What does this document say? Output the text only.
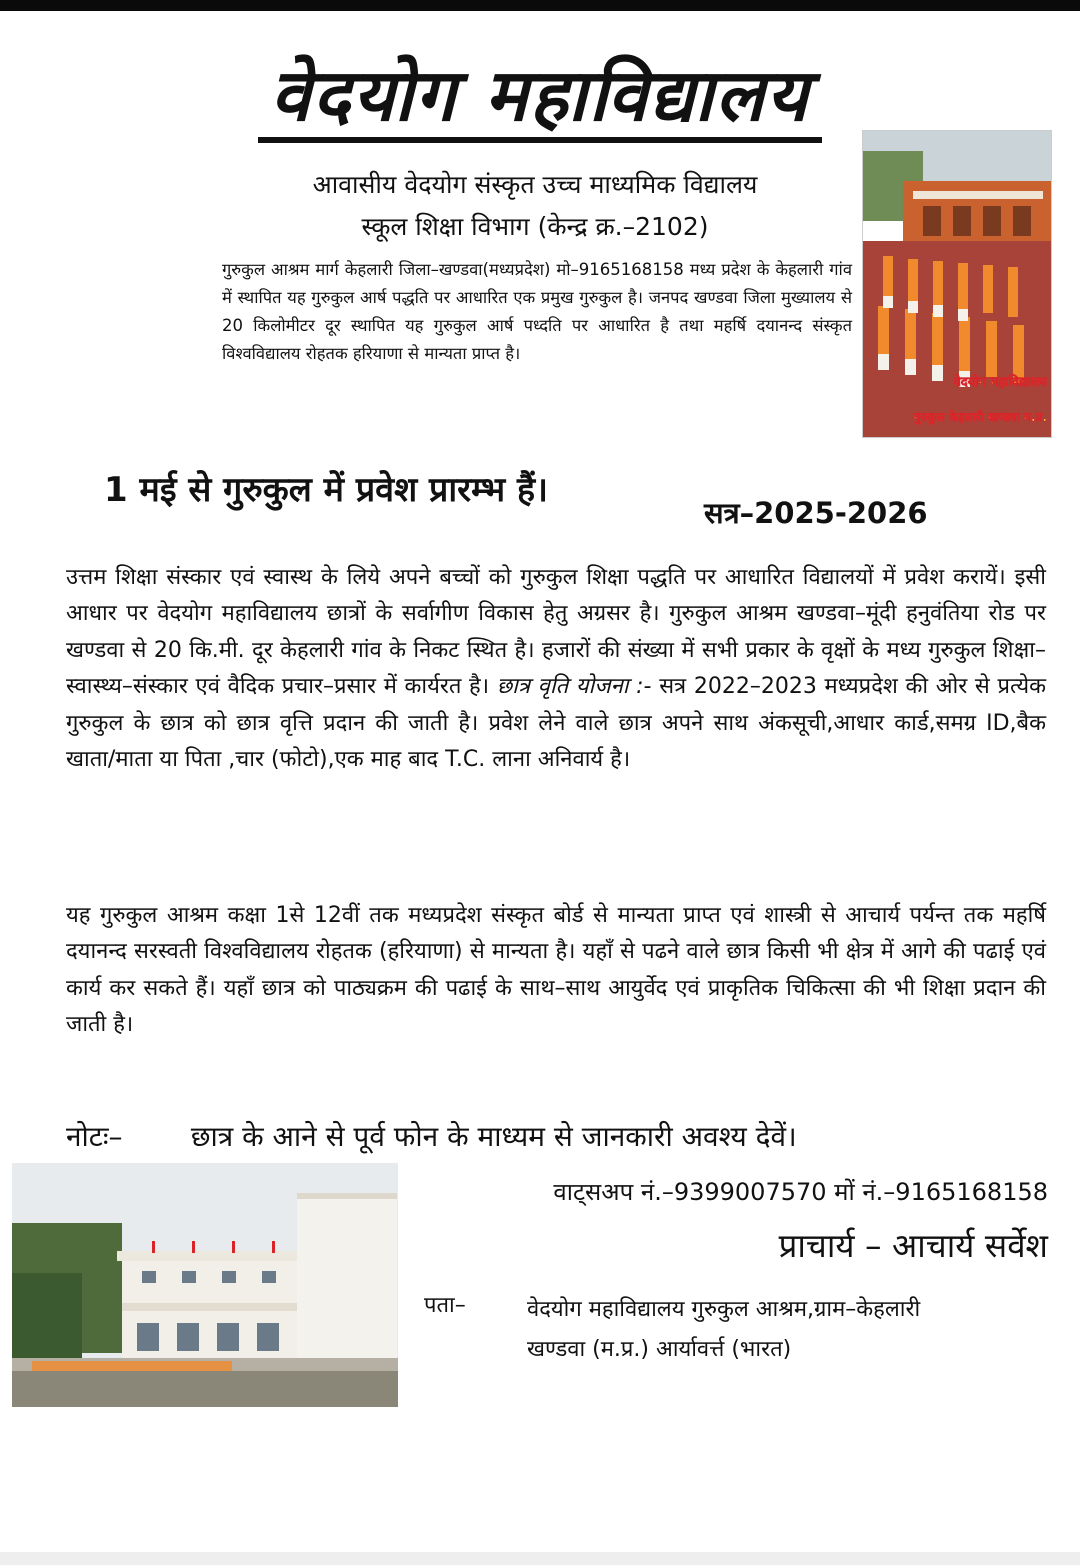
वेदयोग महाविद्यालय
आवासीय वेदयोग संस्कृत उच्च माध्यमिक विद्यालय
स्कूल शिक्षा विभाग (केन्द्र क्र.–2102)
गुरुकुल आश्रम मार्ग केहलारी जिला–खण्डवा(मध्यप्रदेश) मो–9165168158 मध्य प्रदेश के केहलारी गांव में स्थापित यह गुरुकुल आर्ष पद्धति पर आधारित एक प्रमुख गुरुकुल है। जनपद खण्डवा जिला मुख्यालय से 20 किलोमीटर दूर स्थापित यह गुरुकुल आर्ष पध्दति पर आधारित है तथा महर्षि दयानन्द संस्कृत विश्वविद्यालय रोहतक हरियाणा से मान्यता प्राप्त है।
वेदयोग महाविद्यालय
गुरुकुल केहलारी खण्डवा म.प्र.
1 मई से गुरुकुल में प्रवेश प्रारम्भ हैं।
सत्र–2025-2026
उत्तम शिक्षा संस्कार एवं स्वास्थ के लिये अपने बच्चों को गुरुकुल शिक्षा पद्धति पर आधारित विद्यालयों में प्रवेश करायें। इसी आधार पर वेदयोग महाविद्यालय छात्रों के सर्वागीण विकास हेतु अग्रसर है। गुरुकुल आश्रम खण्डवा–मूंदी हनुवंतिया रोड पर खण्डवा से 20 कि.मी. दूर केहलारी गांव के निकट स्थित है। हजारों की संख्या में सभी प्रकार के वृक्षों के मध्य गुरुकुल शिक्षा–स्वास्थ्य–संस्कार एवं वैदिक प्रचार–प्रसार में कार्यरत है। छात्र वृति योजना :- सत्र 2022–2023 मध्यप्रदेश की ओर से प्रत्येक गुरुकुल के छात्र को छात्र वृत्ति प्रदान की जाती है। प्रवेश लेने वाले छात्र अपने साथ अंकसूची,आधार कार्ड,समग्र ID,बैक खाता/माता या पिता ,चार (फोटो),एक माह बाद T.C. लाना अनिवार्य है।
यह गुरुकुल आश्रम कक्षा 1से 12वीं तक मध्यप्रदेश संस्कृत बोर्ड से मान्यता प्राप्त एवं शास्त्री से आचार्य पर्यन्त तक महर्षि दयानन्द सरस्वती विश्वविद्यालय रोहतक (हरियाणा) से मान्यता है। यहाँ से पढने वाले छात्र किसी भी क्षेत्र में आगे की पढाई एवं कार्य कर सकते हैं। यहाँ छात्र को पाठ्यक्रम की पढाई के साथ–साथ आयुर्वेद एवं प्राकृतिक चिकित्सा की भी शिक्षा प्रदान की जाती है।
नोटः– छात्र के आने से पूर्व फोन के माध्यम से जानकारी अवश्य देवें।
वाट्सअप नं.–9399007570 मों नं.–9165168158
प्राचार्य – आचार्य सर्वेश
पता–	वेदयोग महाविद्यालय गुरुकुल आश्रम,ग्राम–केहलारी
खण्डवा (म.प्र.) आर्यावर्त्त (भारत)
